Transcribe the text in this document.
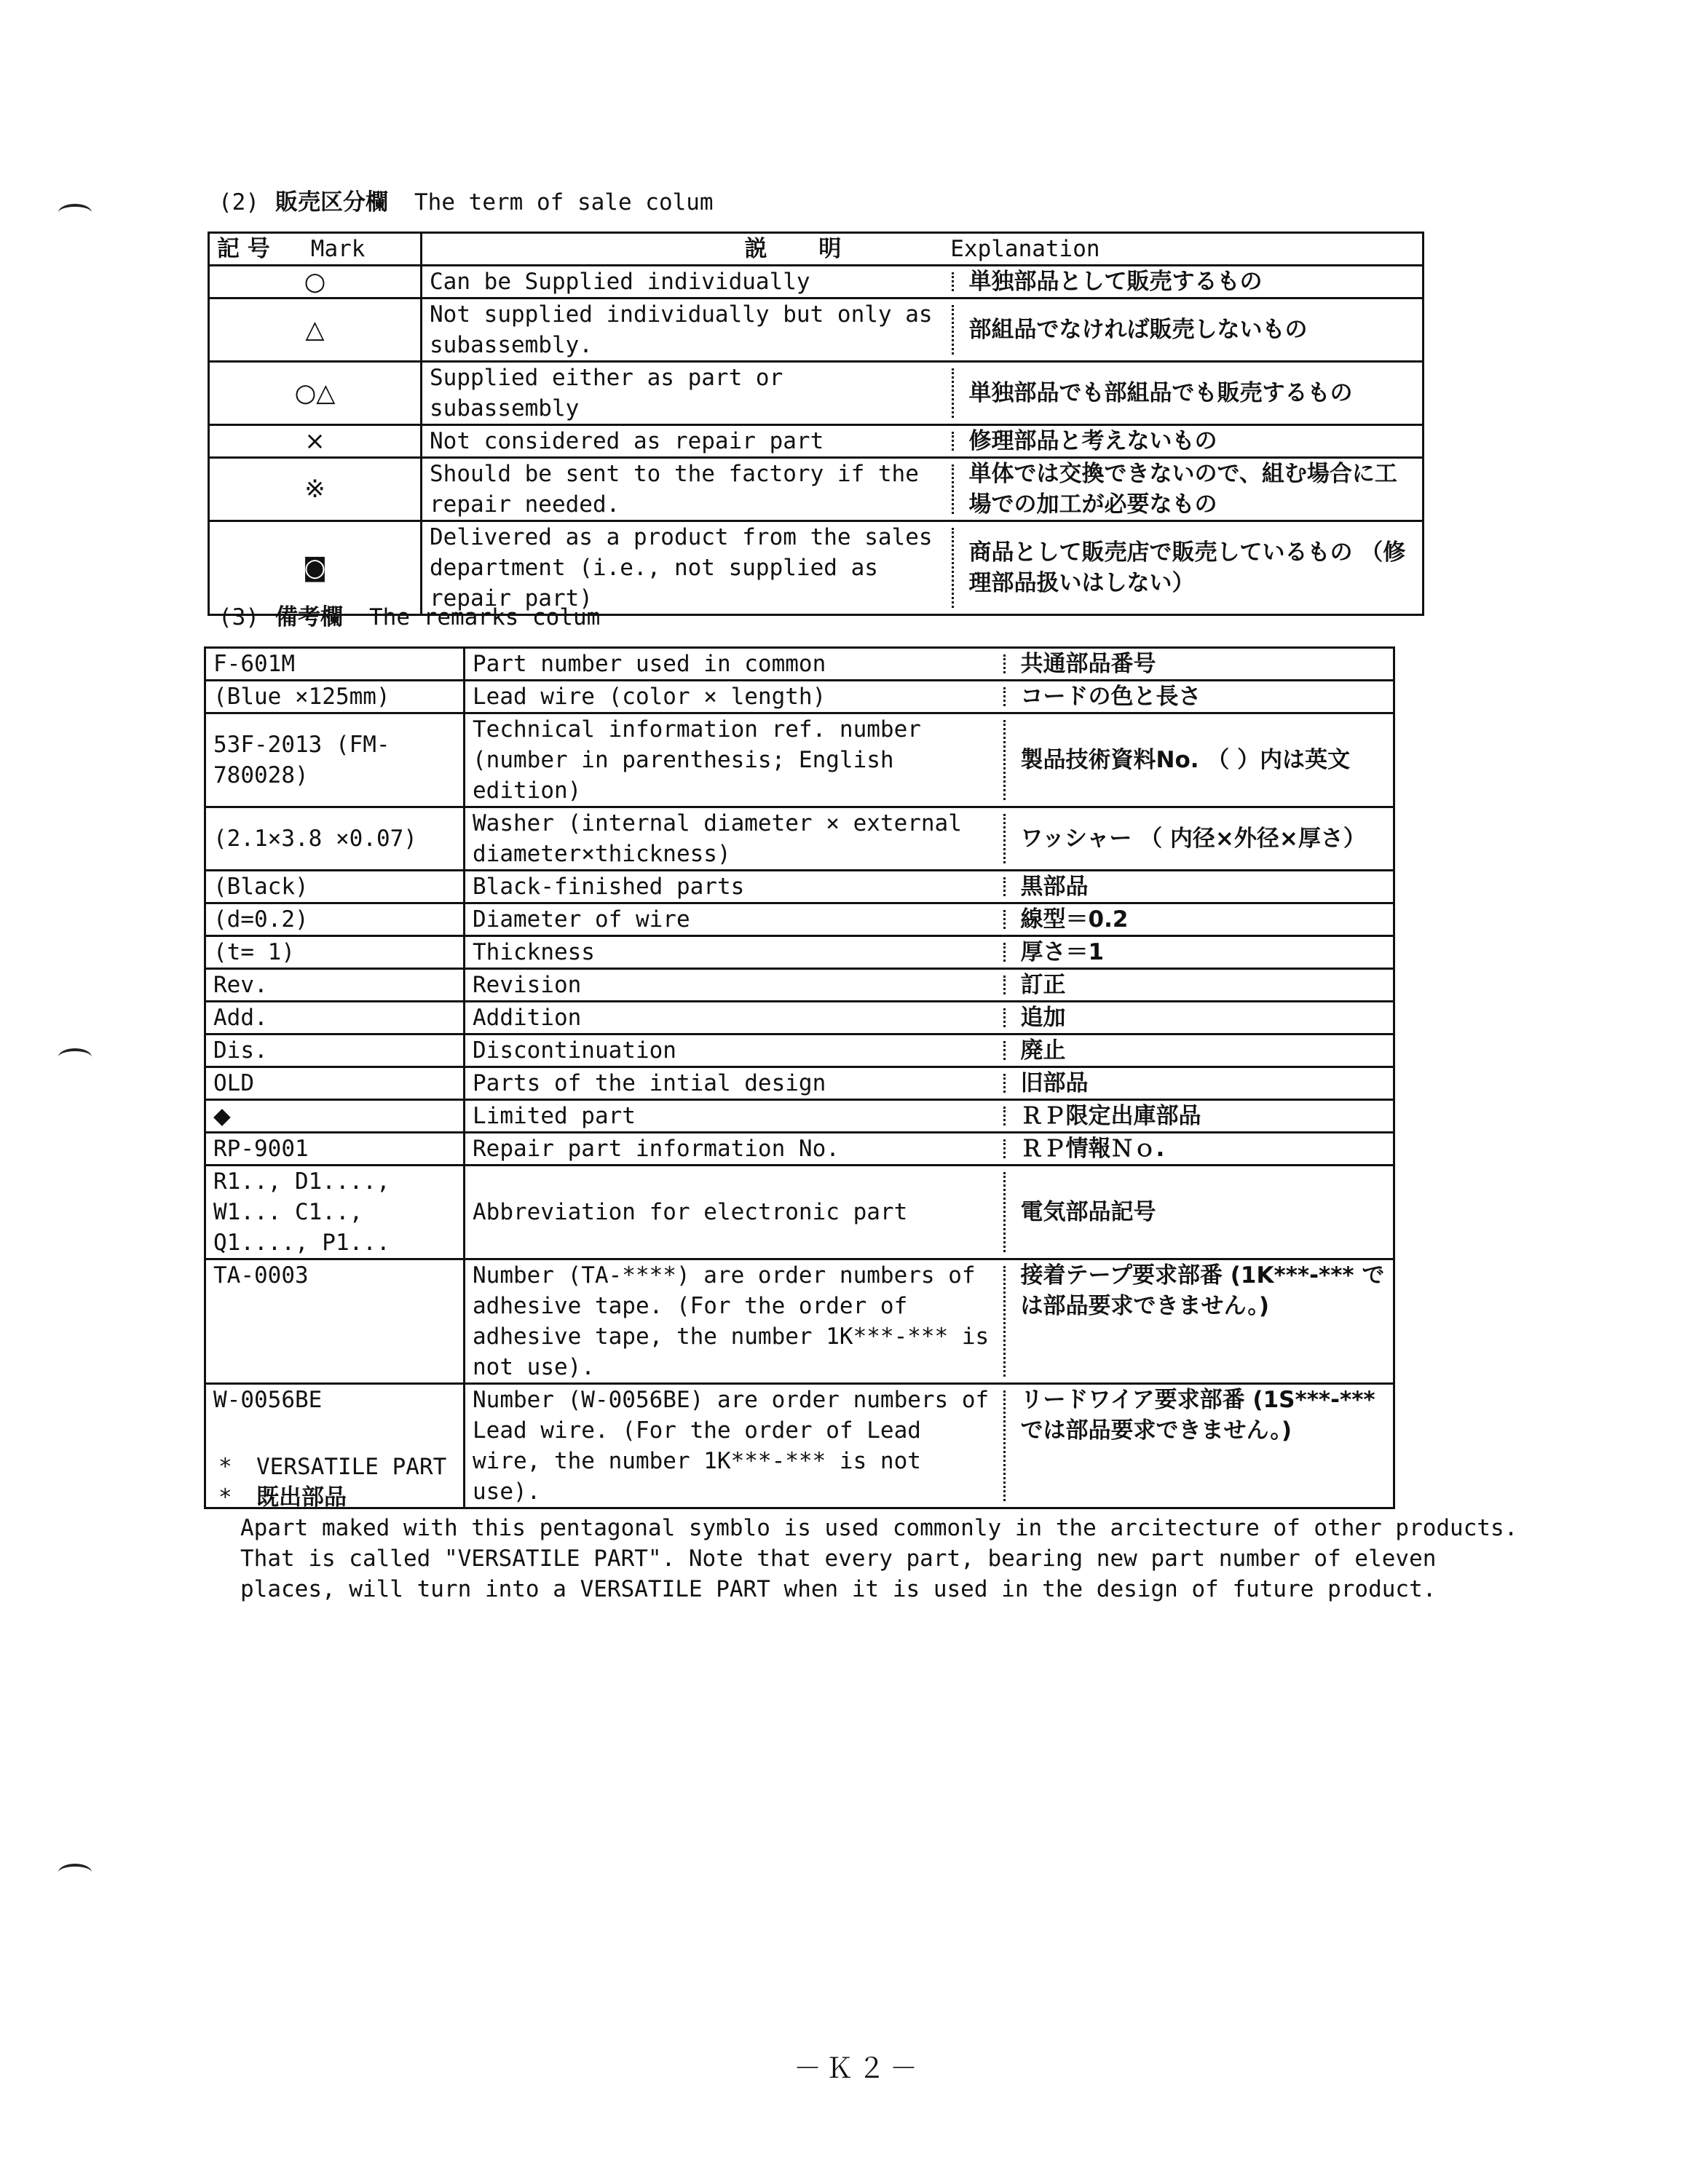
(2) 販売区分欄 The term of sale colum
記 号 Mark	説 明 Explanation	
○	Can be Supplied individually	単独部品として販売するもの
△	Not supplied individually but only as subassembly.	部組品でなければ販売しないもの
○△	Supplied either as part or subassembly	単独部品でも部組品でも販売するもの
×	Not considered as repair part	修理部品と考えないもの
※	Should be sent to the factory if the repair needed.	単体では交換できないので、組む場合に工場での加工が必要なもの
◙	Delivered as a product from the sales department (i.e., not supplied as repair part)	商品として販売店で販売しているもの （修理部品扱いはしない）
(3) 備考欄 The remarks colum
F-601M	Part number used in common	共通部品番号
(Blue ×125mm)	Lead wire (color × length)	コードの色と長さ
53F-2013 (FM-780028)	Technical information ref. number (number in parenthesis; English edition)	製品技術資料No. （ ）内は英文
(2.1×3.8 ×0.07)	Washer (internal diameter × external diameter×thickness)	ワッシャー （ 内径×外径×厚さ）
(Black)	Black-finished parts	黒部品
(d=0.2)	Diameter of wire	線型＝0.2
(t= 1)	Thickness	厚さ＝1
Rev.	Revision	訂正
Add.	Addition	追加
Dis.	Discontinuation	廃止
OLD	Parts of the intial design	旧部品
◆	Limited part	ＲＰ限定出庫部品
RP-9001	Repair part information No.	ＲＰ情報Ｎｏ.
R1.., D1...., W1... C1.., Q1...., P1...	Abbreviation for electronic part	電気部品記号
TA-0003	Number (TA-****) are order numbers of adhesive tape. (For the order of adhesive tape, the number 1K***-*** is not use).	接着テープ要求部番 (1K***-*** では部品要求できません。)
W-0056BE	Number (W-0056BE) are order numbers of Lead wire. (For the order of Lead wire, the number 1K***-*** is not use).	リードワイア要求部番 (1S***-*** では部品要求できません。)
* VERSATILE PART
* 既出部品
Apart maked with this pentagonal symblo is used commonly in the arcitecture of other products.
That is called "VERSATILE PART". Note that every part, bearing new part number of eleven
places, will turn into a VERSATILE PART when it is used in the design of future product.
－Ｋ２－
